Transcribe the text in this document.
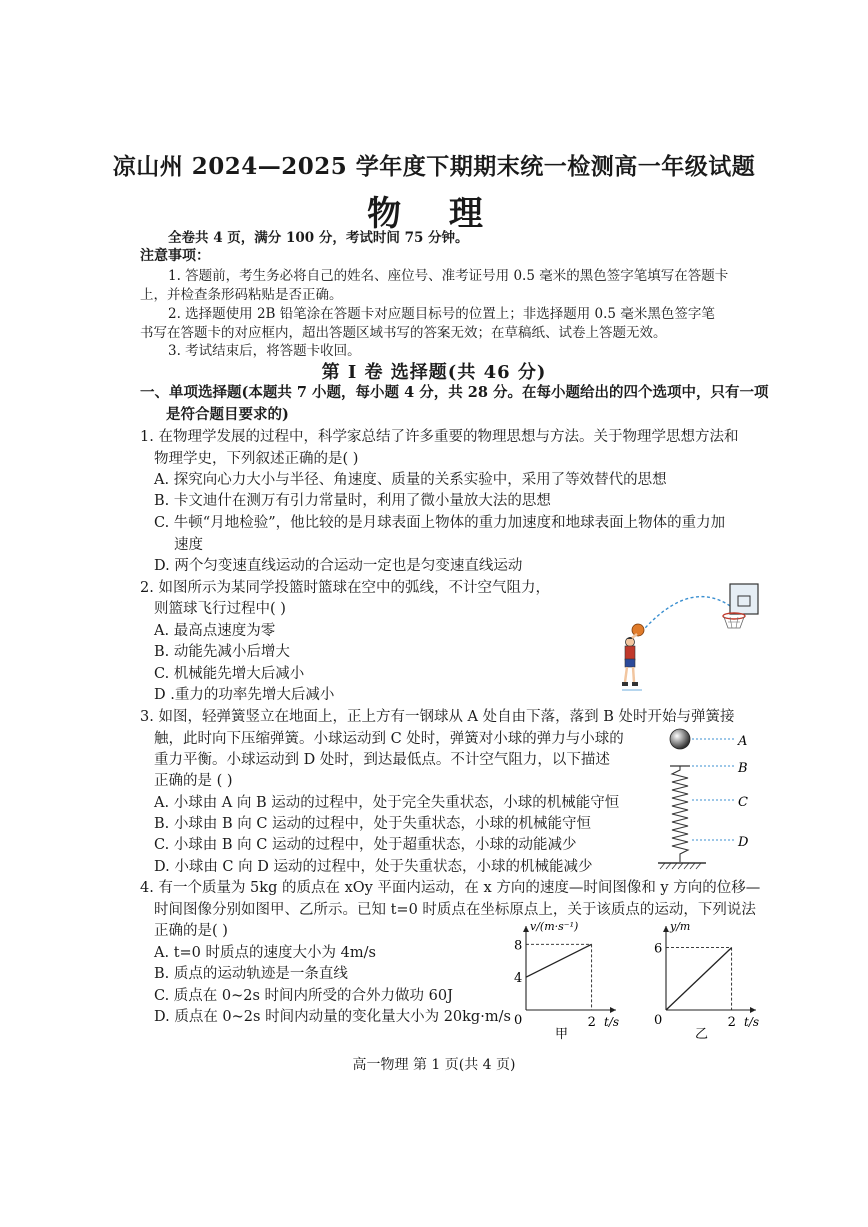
凉山州 2024—2025 学年度下期期末统一检测高一年级试题
物 理
全卷共 4 页，满分 100 分，考试时间 75 分钟。
注意事项：
1. 答题前，考生务必将自己的姓名、座位号、准考证号用 0.5 毫米的黑色签字笔填写在答题卡
上，并检查条形码粘贴是否正确。
2. 选择题使用 2B 铅笔涂在答题卡对应题目标号的位置上；非选择题用 0.5 毫米黑色签字笔
书写在答题卡的对应框内，超出答题区域书写的答案无效；在草稿纸、试卷上答题无效。
3. 考试结束后，将答题卡收回。
第 Ⅰ 卷 选择题(共 46 分)
一、单项选择题(本题共 7 小题，每小题 4 分，共 28 分。在每小题给出的四个选项中，只有一项
是符合题目要求的)
1. 在物理学发展的过程中，科学家总结了许多重要的物理思想与方法。关于物理学思想方法和
物理学史，下列叙述正确的是( )
A. 探究向心力大小与半径、角速度、质量的关系实验中，采用了等效替代的思想
B. 卡文迪什在测万有引力常量时，利用了微小量放大法的思想
C. 牛顿“月地检验”，他比较的是月球表面上物体的重力加速度和地球表面上物体的重力加
速度
D. 两个匀变速直线运动的合运动一定也是匀变速直线运动
2. 如图所示为某同学投篮时篮球在空中的弧线，不计空气阻力，
则篮球飞行过程中( )
A. 最高点速度为零
B. 动能先减小后增大
C. 机械能先增大后减小
D .重力的功率先增大后减小
3. 如图，轻弹簧竖立在地面上，正上方有一钢球从 A 处自由下落，落到 B 处时开始与弹簧接
触，此时向下压缩弹簧。小球运动到 C 处时，弹簧对小球的弹力与小球的
重力平衡。小球运动到 D 处时，到达最低点。不计空气阻力，以下描述
正确的是 ( )
A. 小球由 A 向 B 运动的过程中，处于完全失重状态，小球的机械能守恒
B. 小球由 B 向 C 运动的过程中，处于失重状态，小球的机械能守恒
C. 小球由 B 向 C 运动的过程中，处于超重状态，小球的动能减少
D. 小球由 C 向 D 运动的过程中，处于失重状态，小球的机械能减少
A
B
C
D
4. 有一个质量为 5kg 的质点在 xOy 平面内运动，在 x 方向的速度—时间图像和 y 方向的位移—
时间图像分别如图甲、乙所示。已知 t=0 时质点在坐标原点上，关于该质点的运动，下列说法
正确的是( )
A. t=0 时质点的速度大小为 4m/s
B. 质点的运动轨迹是一条直线
C. 质点在 0~2s 时间内所受的合外力做功 60J
D. 质点在 0~2s 时间内动量的变化量大小为 20kg·m/s
v/(m·s⁻¹)
t/s
0
4
8
2
甲
y/m
t/s
0
6
2
乙
高一物理 第 1 页(共 4 页)
